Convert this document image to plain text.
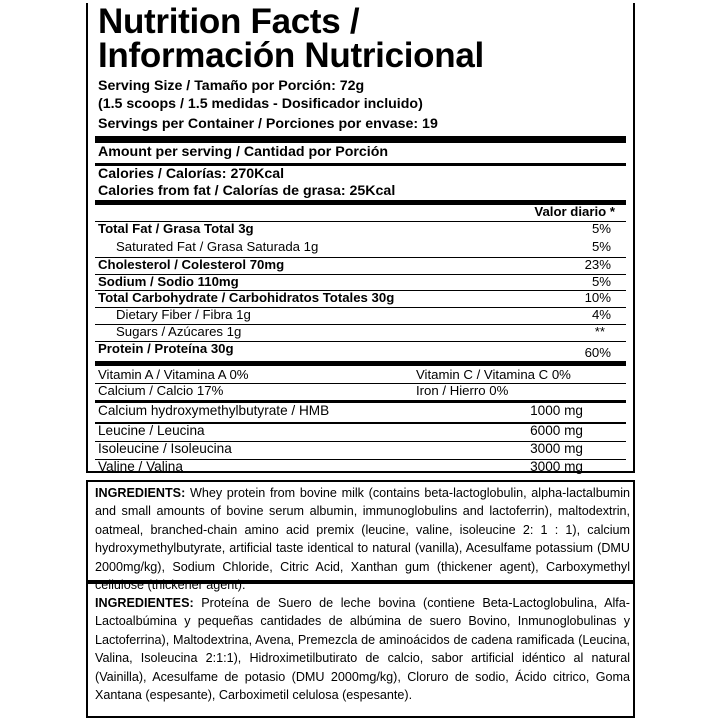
Nutrition Facts /
Información Nutricional
Serving Size / Tamaño por Porción: 72g
(1.5 scoops / 1.5 medidas - Dosificador incluido)
Servings per Container / Porciones por envase: 19
Amount per serving / Cantidad por Porción
Calories / Calorías: 270Kcal
Calories from fat / Calorías de grasa: 25Kcal
Valor diario *
Total Fat / Grasa Total 3g	5%
Saturated Fat / Grasa Saturada 1g	5%
Cholesterol / Colesterol 70mg	23%
Sodium / Sodio 110mg	5%
Total Carbohydrate / Carbohidratos Totales 30g	10%
Dietary Fiber / Fibra 1g	4%
Sugars / Azúcares 1g	**
Protein / Proteína 30g	60%
Vitamin A / Vitamina A 0%	Vitamin C / Vitamina C 0%
Calcium / Calcio 17%	Iron / Hierro 0%
Calcium hydroxymethylbutyrate / HMB	1000 mg
Leucine / Leucina	6000 mg
Isoleucine / Isoleucina	3000 mg
Valine / Valina	3000 mg
INGREDIENTS: Whey protein from bovine milk (contains beta-lactoglobulin, alpha-lactalbumin and small amounts of bovine serum albumin, immunoglobulins and lactoferrin), maltodextrin, oatmeal, branched-chain amino acid premix (leucine, valine, isoleucine 2: 1 : 1), calcium hydroxymethylbutyrate, artificial taste identical to natural (vanilla), Acesulfame potassium (DMU 2000mg/kg), Sodium Chloride, Citric Acid, Xanthan gum (thickener agent), Carboxymethyl cellulose (thickener agent).
INGREDIENTES: Proteína de Suero de leche bovina (contiene Beta-Lactoglobulina, Alfa-Lactoalbúmina y pequeñas cantidades de albúmina de suero Bovino, Inmunoglobulinas y Lactoferrina), Maltodextrina, Avena, Premezcla de aminoácidos de cadena ramificada (Leucina, Valina, Isoleucina 2:1:1), Hidroximetilbutirato de calcio, sabor artificial idéntico al natural (Vainilla), Acesulfame de potasio (DMU 2000mg/kg), Cloruro de sodio, Ácido citrico, Goma Xantana (espesante), Carboximetil celulosa (espesante).
